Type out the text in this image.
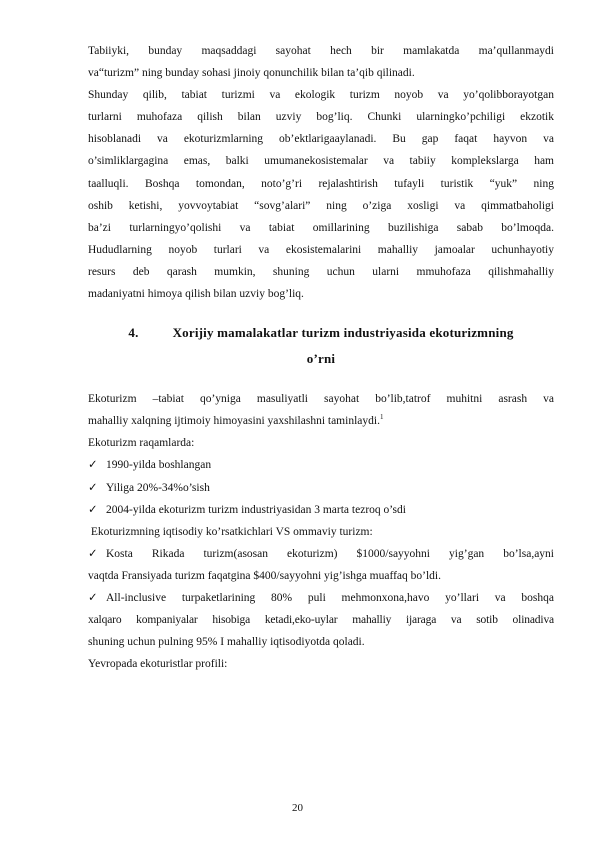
Tabiiyki, bunday maqsaddagi sayohat hech bir mamlakatda ma’qullanmaydi

va“turizm” ning bunday sohasi jinoiy qonunchilik bilan ta’qib qilinadi.

Shunday qilib, tabiat turizmi va ekologik turizm noyob va yo’qolibborayotgan

turlarni muhofaza qilish bilan uzviy bog’liq. Chunki ularningko’pchiligi ekzotik

hisoblanadi va ekoturizmlarning ob’ektlarigaaylanadi. Bu gap faqat hayvon va

o’simliklargagina emas, balki umumanekosistemalar va tabiiy komplekslarga ham

taalluqli. Boshqa tomondan, noto’g’ri rejalashtirish tufayli turistik “yuk” ning

oshib ketishi, yovvoytabiat “sovg’alari” ning o’ziga xosligi va qimmatbaholigi

ba’zi turlarningyo’qolishi va tabiat omillarining buzilishiga sabab bo’lmoqda.

Hududlarning noyob turlari va ekosistemalarini mahalliy jamoalar uchunhayotiy

resurs deb qarash mumkin, shuning uchun ularni mmuhofaza qilishmahalliy

madaniyatni himoya qilish bilan uzviy bog’liq.

4.	Xorijiy mamalakatlar turizm industriyasida ekoturizmning
o’rni

Ekoturizm –tabiat qo’yniga masuliyatli sayohat bo’lib,tatrof muhitni asrash va

mahalliy xalqning ijtimoiy himoyasini yaxshilashni taminlaydi.$^1$

Ekoturizm raqamlarda:

✓ 1990-yilda boshlangan

✓ Yiliga 20%-34%o’sish

✓ 2004-yilda ekoturizm turizm industriyasidan 3 marta tezroq o’sdi

Ekoturizmning iqtisodiy ko’rsatkichlari VS ommaviy turizm:

✓ Kosta Rikada turizm(asosan ekoturizm) $1000/sayyohni yig’gan bo’lsa,ayni

vaqtda Fransiyada turizm faqatgina $400/sayyohni yig’ishga muaffaq bo’ldi.

✓ All-inclusive turpaketlarining 80% puli mehmonxona,havo yo’llari va boshqa

xalqaro kompaniyalar hisobiga ketadi,eko-uylar mahalliy ijaraga va sotib olinadiva

shuning uchun pulning 95% I mahalliy iqtisodiyotda qoladi.

Yevropada ekoturistlar profili:

20
